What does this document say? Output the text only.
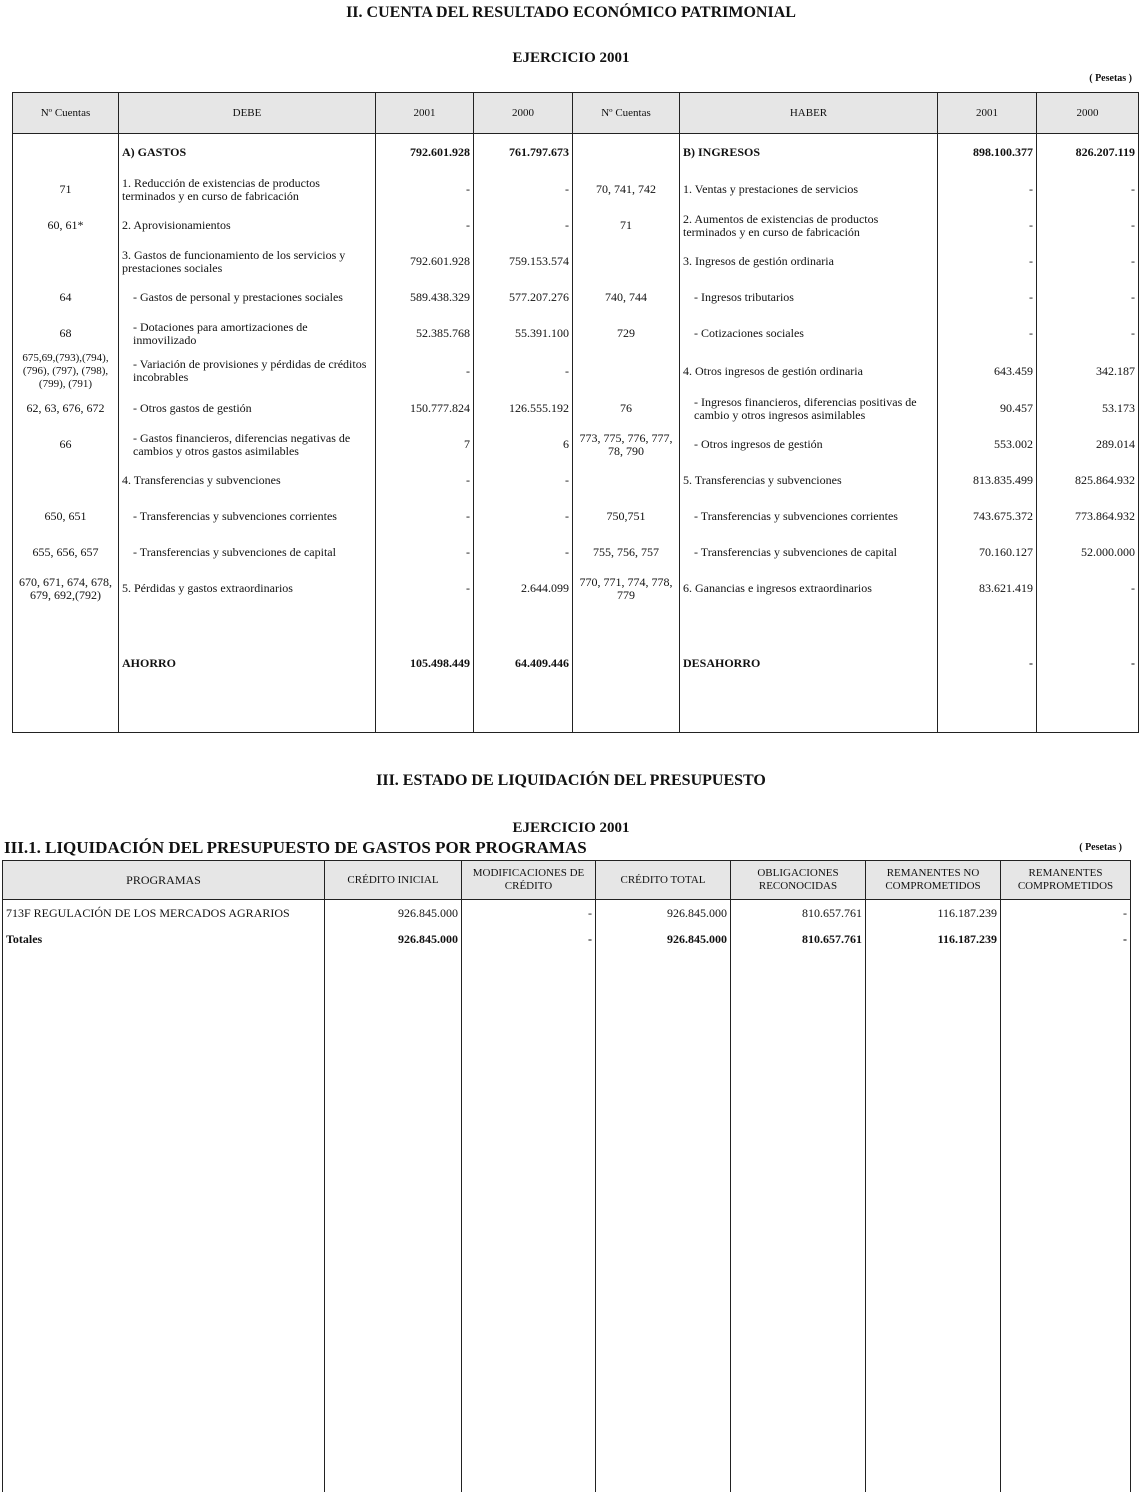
II. CUENTA DEL RESULTADO ECONÓMICO PATRIMONIAL
EJERCICIO 2001
( Pesetas )
Nº Cuentas	DEBE	2001	2000	Nº Cuentas	HABER	2001	2000
	A) GASTOS	792.601.928	761.797.673		B) INGRESOS	898.100.377	826.207.119
71	1. Reducción de existencias de productos terminados y en curso de fabricación	-	-	70, 741, 742	1. Ventas y prestaciones de servicios	-	-
60, 61*	2. Aprovisionamientos	-	-	71	2. Aumentos de existencias de productos terminados y en curso de fabricación	-	-
	3. Gastos de funcionamiento de los servicios y prestaciones sociales	792.601.928	759.153.574		3. Ingresos de gestión ordinaria	-	-
64	- Gastos de personal y prestaciones sociales	589.438.329	577.207.276	740, 744	- Ingresos tributarios	-	-
68	- Dotaciones para amortizaciones de inmovilizado	52.385.768	55.391.100	729	- Cotizaciones sociales	-	-
675,69,(793),(794), (796), (797), (798), (799), (791)	- Variación de provisiones y pérdidas de créditos incobrables	-	-		4. Otros ingresos de gestión ordinaria	643.459	342.187
62, 63, 676, 672	- Otros gastos de gestión	150.777.824	126.555.192	76	- Ingresos financieros, diferencias positivas de cambio y otros ingresos asimilables	90.457	53.173
66	- Gastos financieros, diferencias negativas de cambios y otros gastos asimilables	7	6	773, 775, 776, 777, 78, 790	- Otros ingresos de gestión	553.002	289.014
	4. Transferencias y subvenciones	-	-		5. Transferencias y subvenciones	813.835.499	825.864.932
650, 651	- Transferencias y subvenciones corrientes	-	-	750,751	- Transferencias y subvenciones corrientes	743.675.372	773.864.932
655, 656, 657	- Transferencias y subvenciones de capital	-	-	755, 756, 757	- Transferencias y subvenciones de capital	70.160.127	52.000.000
670, 671, 674, 678, 679, 692,(792)	5. Pérdidas y gastos extraordinarios	-	2.644.099	770, 771, 774, 778, 779	6. Ganancias e ingresos extraordinarios	83.621.419	-
	AHORRO	105.498.449	64.409.446		DESAHORRO	-	-

III. ESTADO DE LIQUIDACIÓN DEL PRESUPUESTO
EJERCICIO 2001
III.1. LIQUIDACIÓN DEL PRESUPUESTO DE GASTOS POR PROGRAMAS	( Pesetas )
PROGRAMAS	CRÉDITO INICIAL	MODIFICACIONES DE CRÉDITO	CRÉDITO TOTAL	OBLIGACIONES RECONOCIDAS	REMANENTES NO COMPROMETIDOS	REMANENTES COMPROMETIDOS
713F REGULACIÓN DE LOS MERCADOS AGRARIOS	926.845.000	-	926.845.000	810.657.761	116.187.239	-
Totales	926.845.000	-	926.845.000	810.657.761	116.187.239	-
